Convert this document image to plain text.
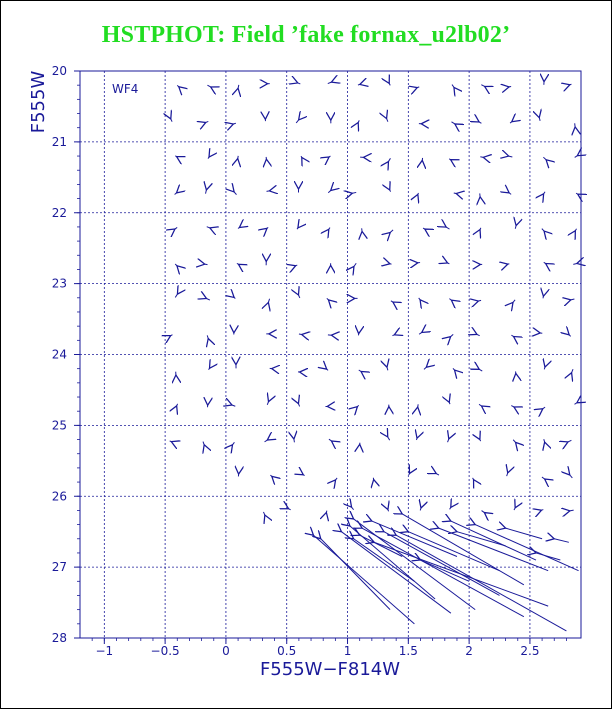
HSTPHOT: Field ’fake fornax_u2lb02’
−1	−0.5	0	0.5	1	1.5	2	2.5
20
21
22
23
24
25
26
27
28
WF4
F555W−F814W
F555W
